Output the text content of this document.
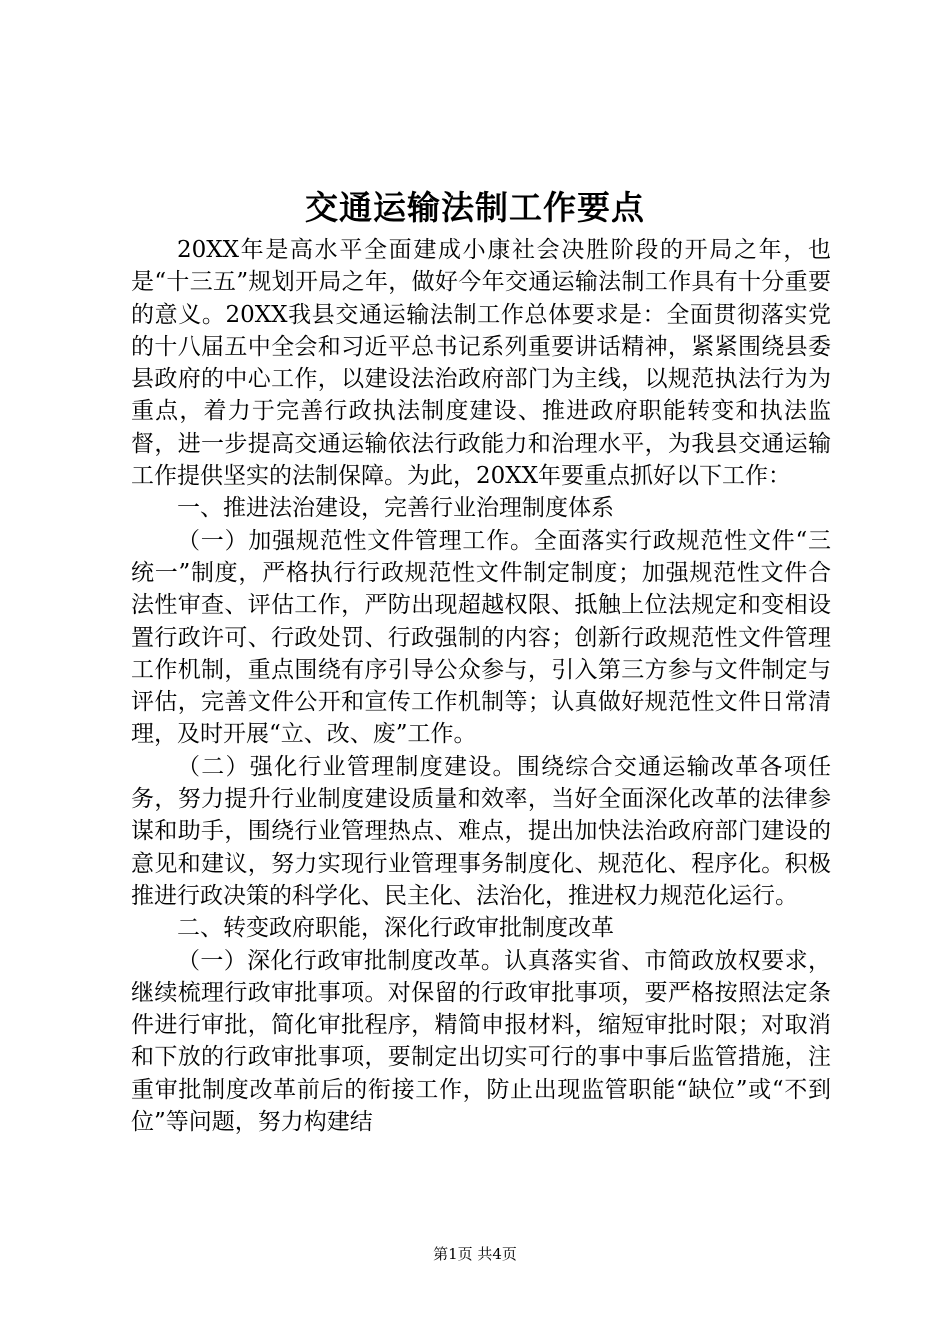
交通运输法制工作要点

20XX年是高水平全面建成小康社会决胜阶段的开局之年，也是“十三五”规划开局之年，做好今年交通运输法制工作具有十分重要的意义。20XX我县交通运输法制工作总体要求是：全面贯彻落实党的十八届五中全会和习近平总书记系列重要讲话精神，紧紧围绕县委县政府的中心工作，以建设法治政府部门为主线，以规范执法行为为重点，着力于完善行政执法制度建设、推进政府职能转变和执法监督，进一步提高交通运输依法行政能力和治理水平，为我县交通运输工作提供坚实的法制保障。为此，20XX年要重点抓好以下工作：

一、推进法治建设，完善行业治理制度体系

（一）加强规范性文件管理工作。全面落实行政规范性文件“三统一”制度，严格执行行政规范性文件制定制度；加强规范性文件合法性审查、评估工作，严防出现超越权限、抵触上位法规定和变相设置行政许可、行政处罚、行政强制的内容；创新行政规范性文件管理工作机制，重点围绕有序引导公众参与，引入第三方参与文件制定与评估，完善文件公开和宣传工作机制等；认真做好规范性文件日常清理，及时开展“立、改、废”工作。

（二）强化行业管理制度建设。围绕综合交通运输改革各项任务，努力提升行业制度建设质量和效率，当好全面深化改革的法律参谋和助手，围绕行业管理热点、难点，提出加快法治政府部门建设的意见和建议，努力实现行业管理事务制度化、规范化、程序化。积极推进行政决策的科学化、民主化、法治化，推进权力规范化运行。

二、转变政府职能，深化行政审批制度改革

（一）深化行政审批制度改革。认真落实省、市简政放权要求，继续梳理行政审批事项。对保留的行政审批事项，要严格按照法定条件进行审批，简化审批程序，精简申报材料，缩短审批时限；对取消和下放的行政审批事项，要制定出切实可行的事中事后监管措施，注重审批制度改革前后的衔接工作，防止出现监管职能“缺位”或“不到位”等问题，努力构建结

第1页 共4页
